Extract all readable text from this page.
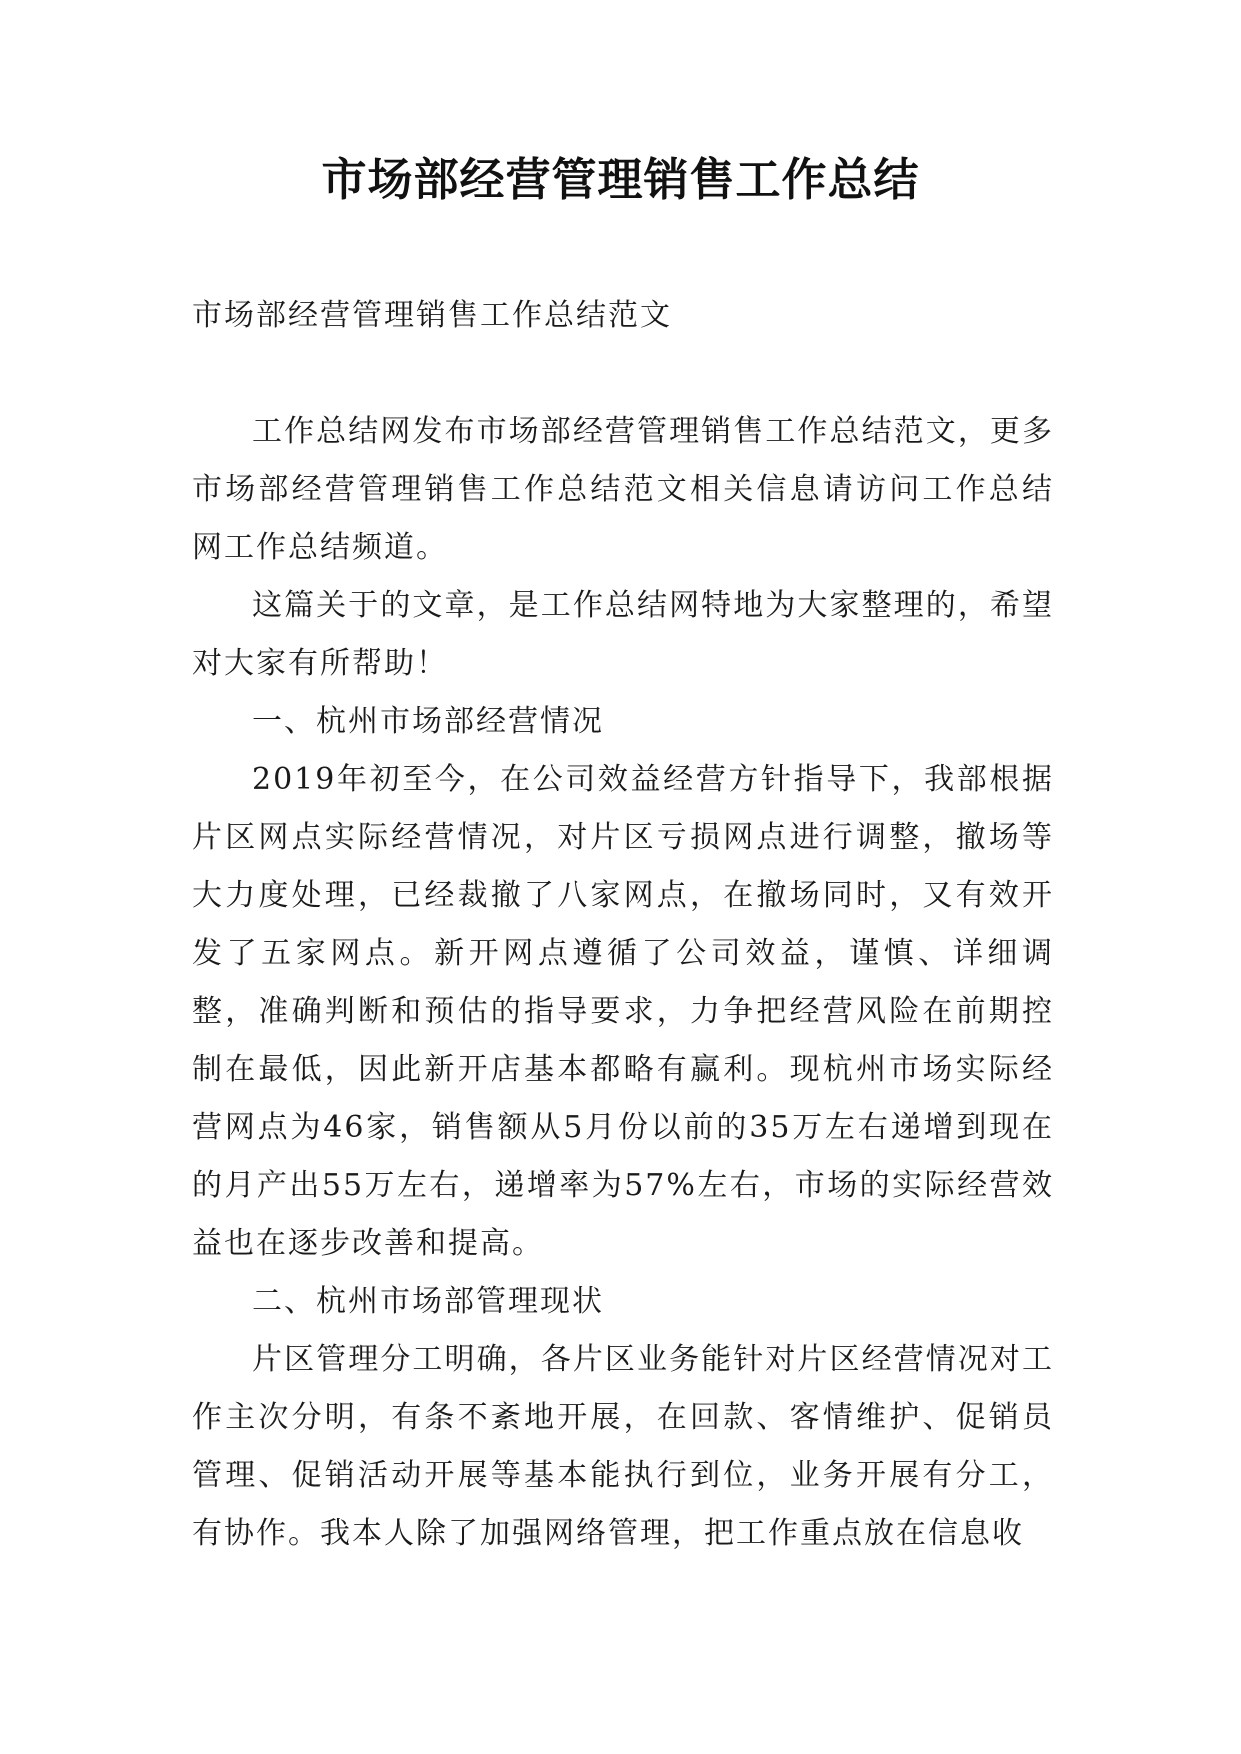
市场部经营管理销售工作总结
市场部经营管理销售工作总结范文

工作总结网发布市场部经营管理销售工作总结范文，更多市场部经营管理销售工作总结范文相关信息请访问工作总结网工作总结频道。

这篇关于的文章，是工作总结网特地为大家整理的，希望对大家有所帮助！

一、杭州市场部经营情况

2019年初至今，在公司效益经营方针指导下，我部根据片区网点实际经营情况，对片区亏损网点进行调整，撤场等大力度处理，已经裁撤了八家网点，在撤场同时，又有效开发了五家网点。新开网点遵循了公司效益，谨慎、详细调整，准确判断和预估的指导要求，力争把经营风险在前期控制在最低，因此新开店基本都略有赢利。现杭州市场实际经营网点为46家，销售额从5月份以前的35万左右递增到现在的月产出55万左右，递增率为57%左右，市场的实际经营效益也在逐步改善和提高。

二、杭州市场部管理现状

片区管理分工明确，各片区业务能针对片区经营情况对工作主次分明，有条不紊地开展，在回款、客情维护、促销员管理、促销活动开展等基本能执行到位，业务开展有分工，有协作。我本人除了加强网络管理，把工作重点放在信息收
